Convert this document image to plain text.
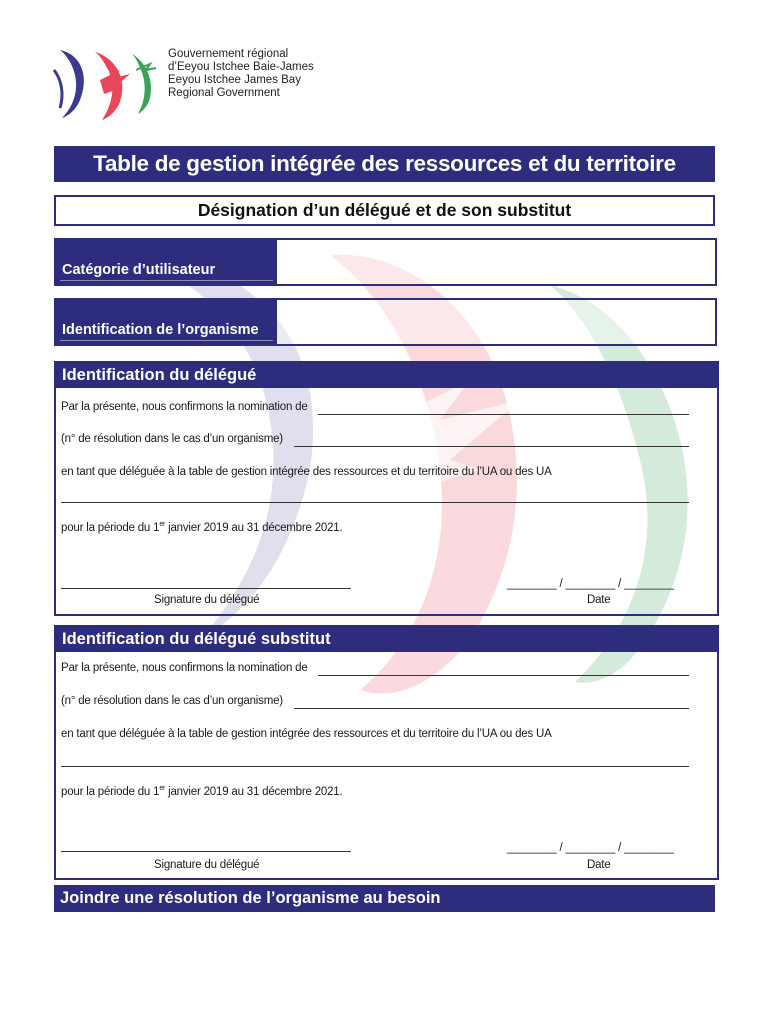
Gouvernement régional
d’Eeyou Istchee Baie-James
Eeyou Istchee James Bay
Regional Government
Table de gestion intégrée des ressources et du territoire
Désignation d’un délégué et de son substitut
Catégorie d’utilisateur
Identification de l’organisme
Identification du délégué
Par la présente, nous confirmons la nomination de
(n° de résolution dans le cas d’un organisme)
en tant que déléguée à la table de gestion intégrée des ressources et du territoire du l’UA ou des UA
pour la période du 1er janvier 2019 au 31 décembre 2021.
Signature du délégué
________ / ________ / ________
Date
Identification du délégué substitut
Par la présente, nous confirmons la nomination de
(n° de résolution dans le cas d’un organisme)
en tant que déléguée à la table de gestion intégrée des ressources et du territoire du l’UA ou des UA
pour la période du 1er janvier 2019 au 31 décembre 2021.
Signature du délégué
________ / ________ / ________
Date
Joindre une résolution de l’organisme au besoin
